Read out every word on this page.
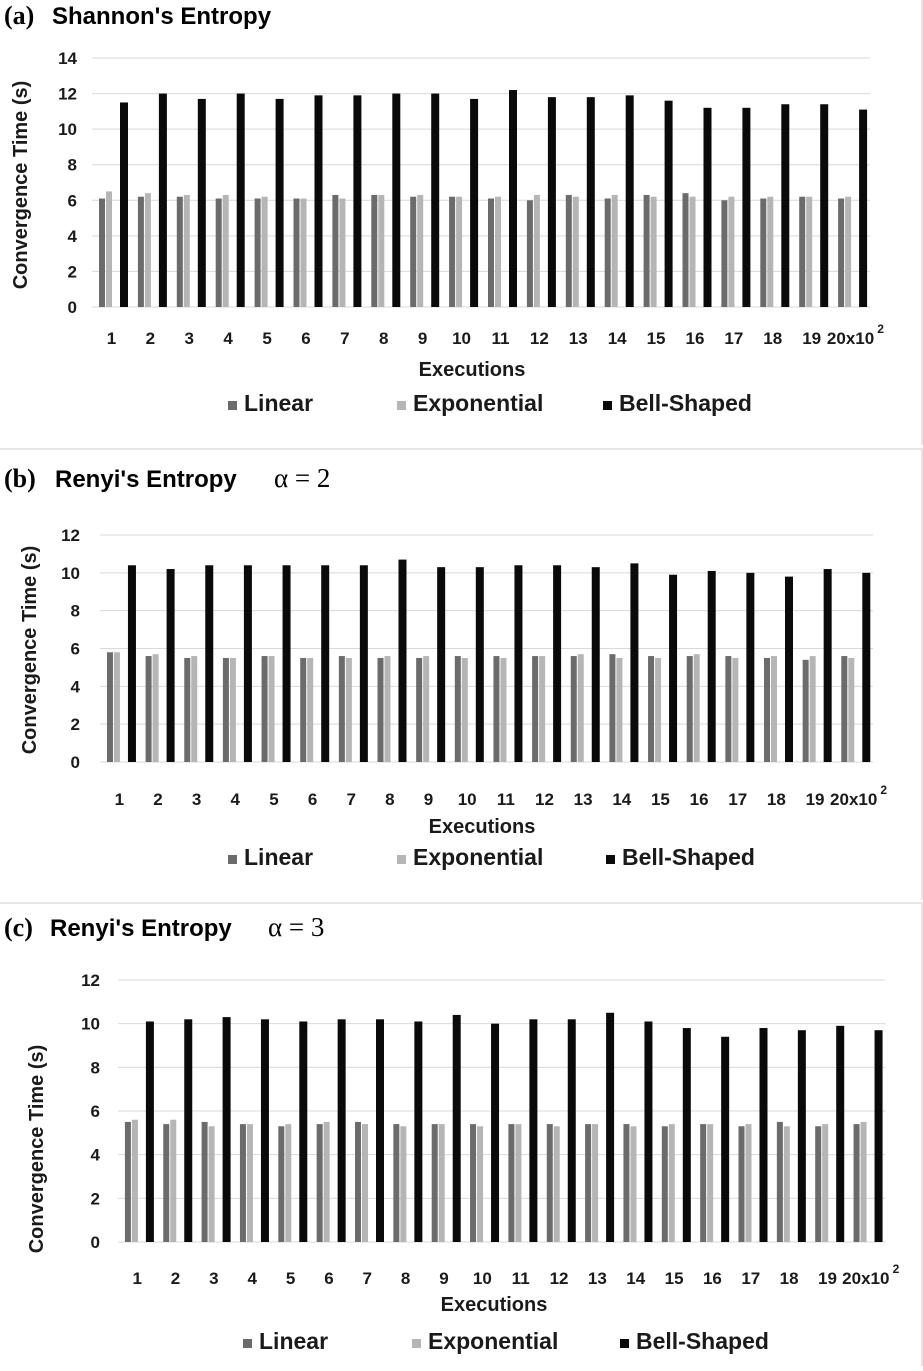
(a) Shannon's Entropy
Convergence Time (s)
Executions
0
2
4
6
8
10
12
14
1 2 3 4 5 6 7 8 9 10 11 12 13 14 15 16 17 18 19 20x10 2
Linear	Exponential	Bell-Shaped
(b) Renyi's Entropy α = 2
Convergence Time (s)
Executions
0
2
4
6
8
10
12
1 2 3 4 5 6 7 8 9 10 11 12 13 14 15 16 17 18 19 20x10 2
Linear	Exponential	Bell-Shaped
(c) Renyi's Entropy α = 3
Convergence Time (s)
Executions
0
2
4
6
8
10
12
1 2 3 4 5 6 7 8 9 10 11 12 13 14 15 16 17 18 19 20x10 2
Linear	Exponential	Bell-Shaped
